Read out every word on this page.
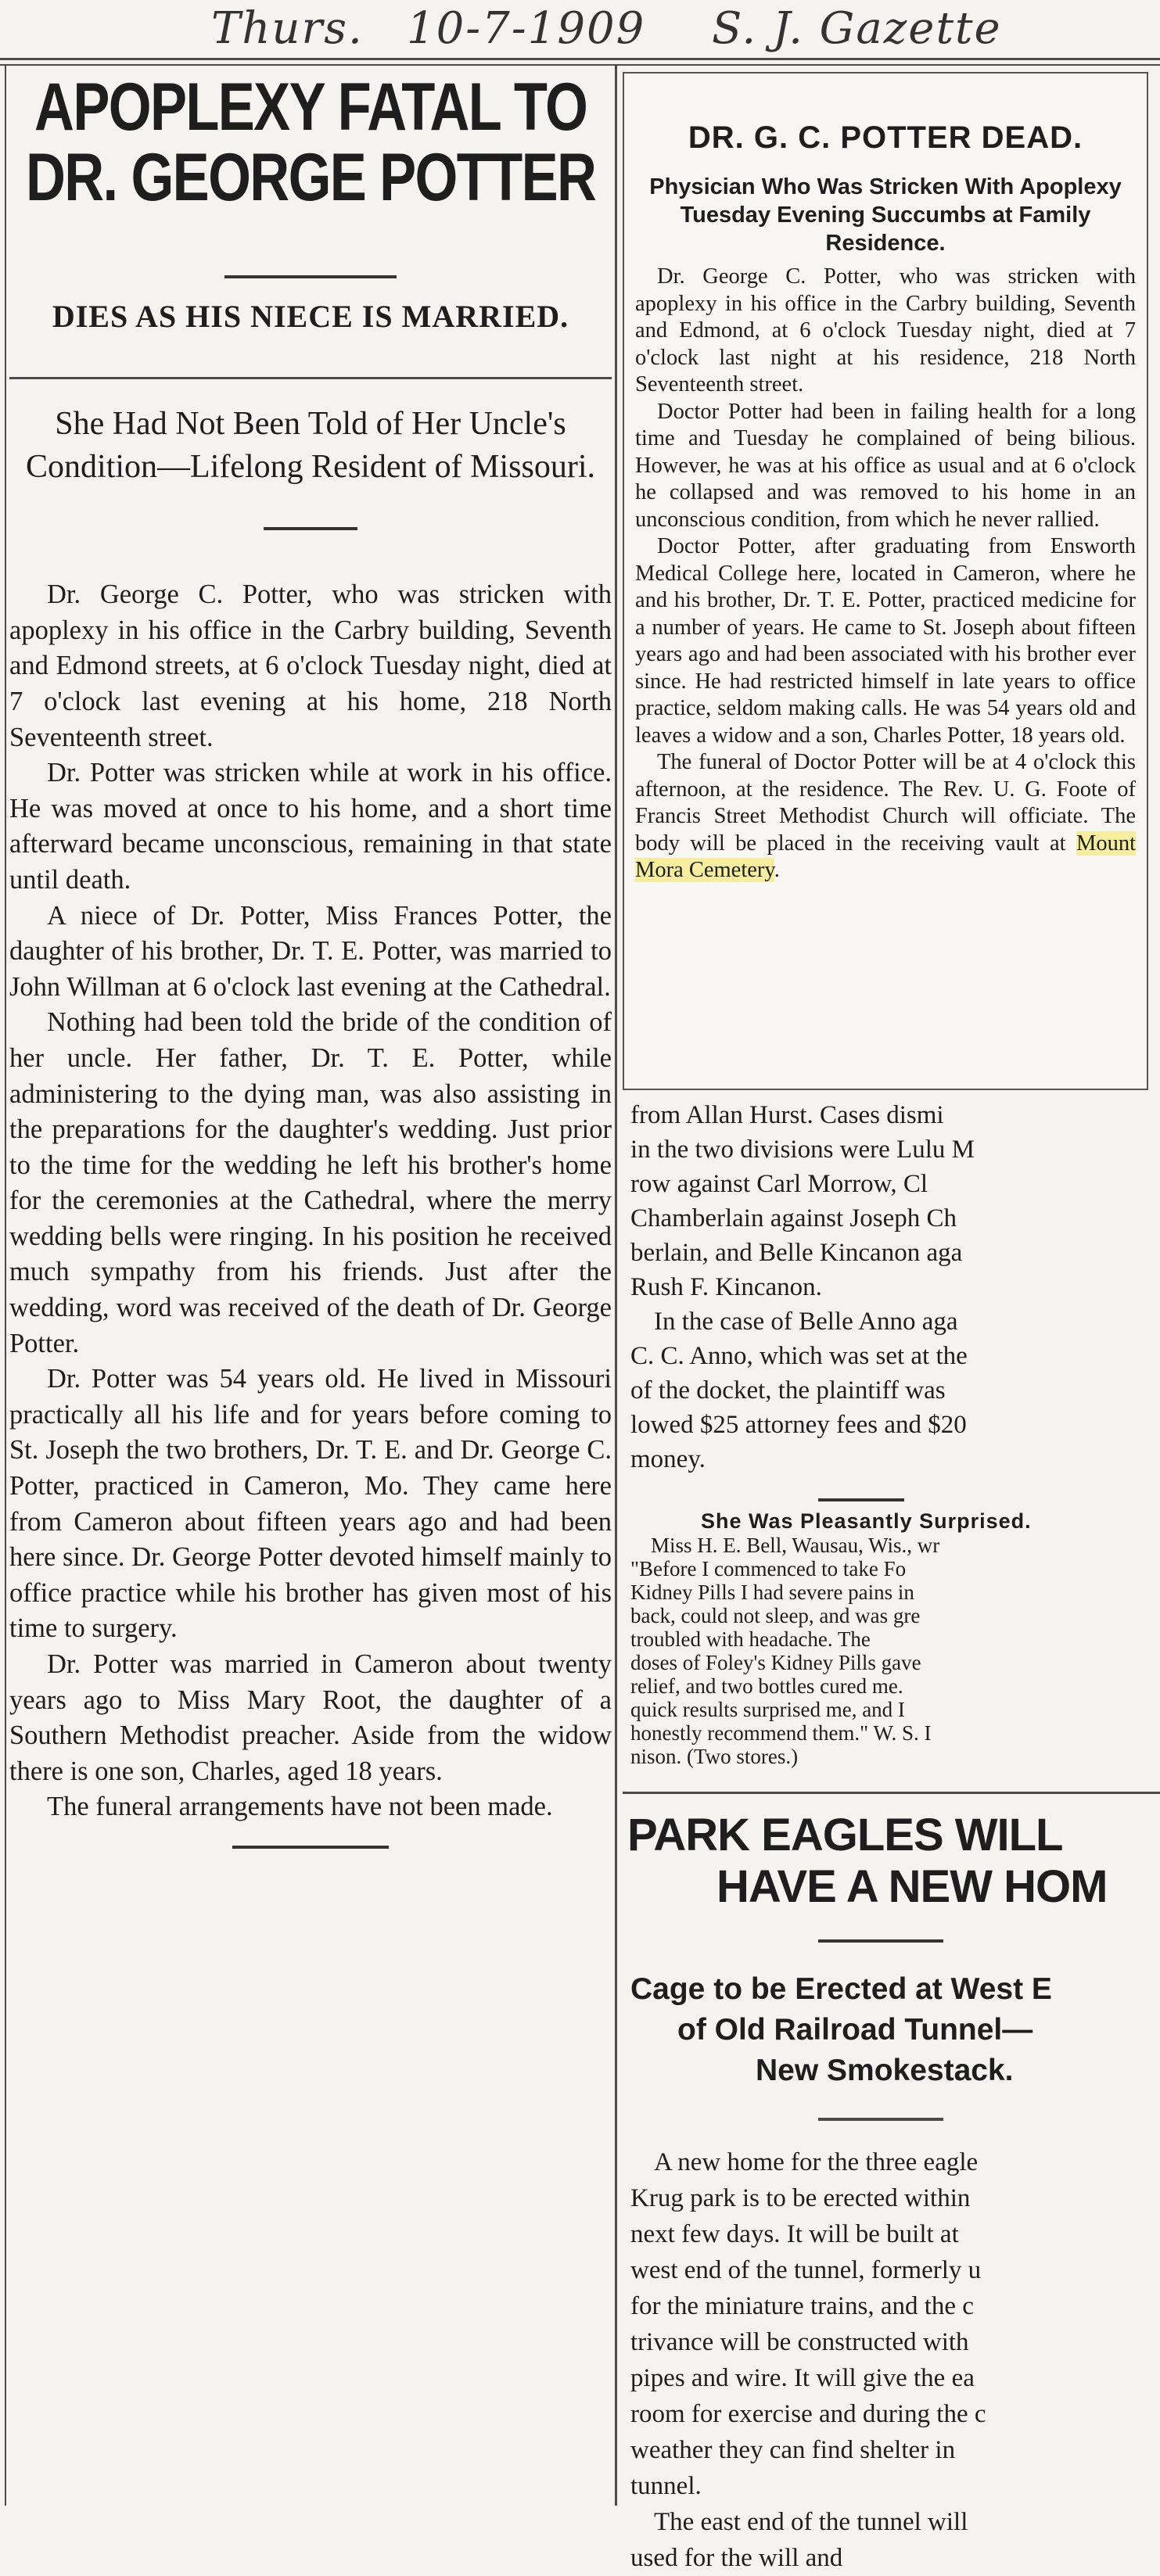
Thurs. 10-7-1909 S. J. Gazette
APOPLEXY FATAL TO
DR. GEORGE POTTER
DIES AS HIS NIECE IS MARRIED.
She Had Not Been Told of Her Uncle's Condition—Lifelong Resident of Missouri.

Dr. George C. Potter, who was stricken with apoplexy in his office in the Carbry building, Seventh and Edmond streets, at 6 o'clock Tuesday night, died at 7 o'clock last evening at his home, 218 North Seventeenth street.

Dr. Potter was stricken while at work in his office. He was moved at once to his home, and a short time afterward became unconscious, remaining in that state until death.

A niece of Dr. Potter, Miss Frances Potter, the daughter of his brother, Dr. T. E. Potter, was married to John Willman at 6 o'clock last evening at the Cathedral.

Nothing had been told the bride of the condition of her uncle. Her father, Dr. T. E. Potter, while administering to the dying man, was also assisting in the preparations for the daughter's wedding. Just prior to the time for the wedding he left his brother's home for the ceremonies at the Cathedral, where the merry wedding bells were ringing. In his position he received much sympathy from his friends. Just after the wedding, word was received of the death of Dr. George Potter.

Dr. Potter was 54 years old. He lived in Missouri practically all his life and for years before coming to St. Joseph the two brothers, Dr. T. E. and Dr. George C. Potter, practiced in Cameron, Mo. They came here from Cameron about fifteen years ago and had been here since. Dr. George Potter devoted himself mainly to office practice while his brother has given most of his time to surgery.

Dr. Potter was married in Cameron about twenty years ago to Miss Mary Root, the daughter of a Southern Methodist preacher. Aside from the widow there is one son, Charles, aged 18 years.

The funeral arrangements have not been made.

DR. G. C. POTTER DEAD.
Physician Who Was Stricken With Apoplexy Tuesday Evening Succumbs at Family Residence.

Dr. George C. Potter, who was stricken with apoplexy in his office in the Carbry building, Seventh and Edmond, at 6 o'clock Tuesday night, died at 7 o'clock last night at his residence, 218 North Seventeenth street.

Doctor Potter had been in failing health for a long time and Tuesday he complained of being bilious. However, he was at his office as usual and at 6 o'clock he collapsed and was removed to his home in an unconscious condition, from which he never rallied.

Doctor Potter, after graduating from Ensworth Medical College here, located in Cameron, where he and his brother, Dr. T. E. Potter, practiced medicine for a number of years. He came to St. Joseph about fifteen years ago and had been associated with his brother ever since. He had restricted himself in late years to office practice, seldom making calls. He was 54 years old and leaves a widow and a son, Charles Potter, 18 years old.

The funeral of Doctor Potter will be at 4 o'clock this afternoon, at the residence. The Rev. U. G. Foote of Francis Street Methodist Church will officiate. The body will be placed in the receiving vault at Mount Mora Cemetery.

from Allan Hurst. Cases dismi

in the two divisions were Lulu M

row against Carl Morrow, Cl

Chamberlain against Joseph Ch

berlain, and Belle Kincanon aga

Rush F. Kincanon.

In the case of Belle Anno aga

C. C. Anno, which was set at the

of the docket, the plaintiff was

lowed $25 attorney fees and $20

money.

She Was Pleasantly Surprised.

Miss H. E. Bell, Wausau, Wis., wr

"Before I commenced to take Fo

Kidney Pills I had severe pains in

back, could not sleep, and was gre

troubled with headache. The

doses of Foley's Kidney Pills gave

relief, and two bottles cured me.

quick results surprised me, and I

honestly recommend them." W. S. I

nison. (Two stores.)

PARK EAGLES WILL
HAVE A NEW HOM
Cage to be Erected at West E
of Old Railroad Tunnel—
New Smokestack.

A new home for the three eagle

Krug park is to be erected within

next few days. It will be built at

west end of the tunnel, formerly u

for the miniature trains, and the c

trivance will be constructed with

pipes and wire. It will give the ea

room for exercise and during the c

weather they can find shelter in

tunnel.

The east end of the tunnel will

used for the will and
